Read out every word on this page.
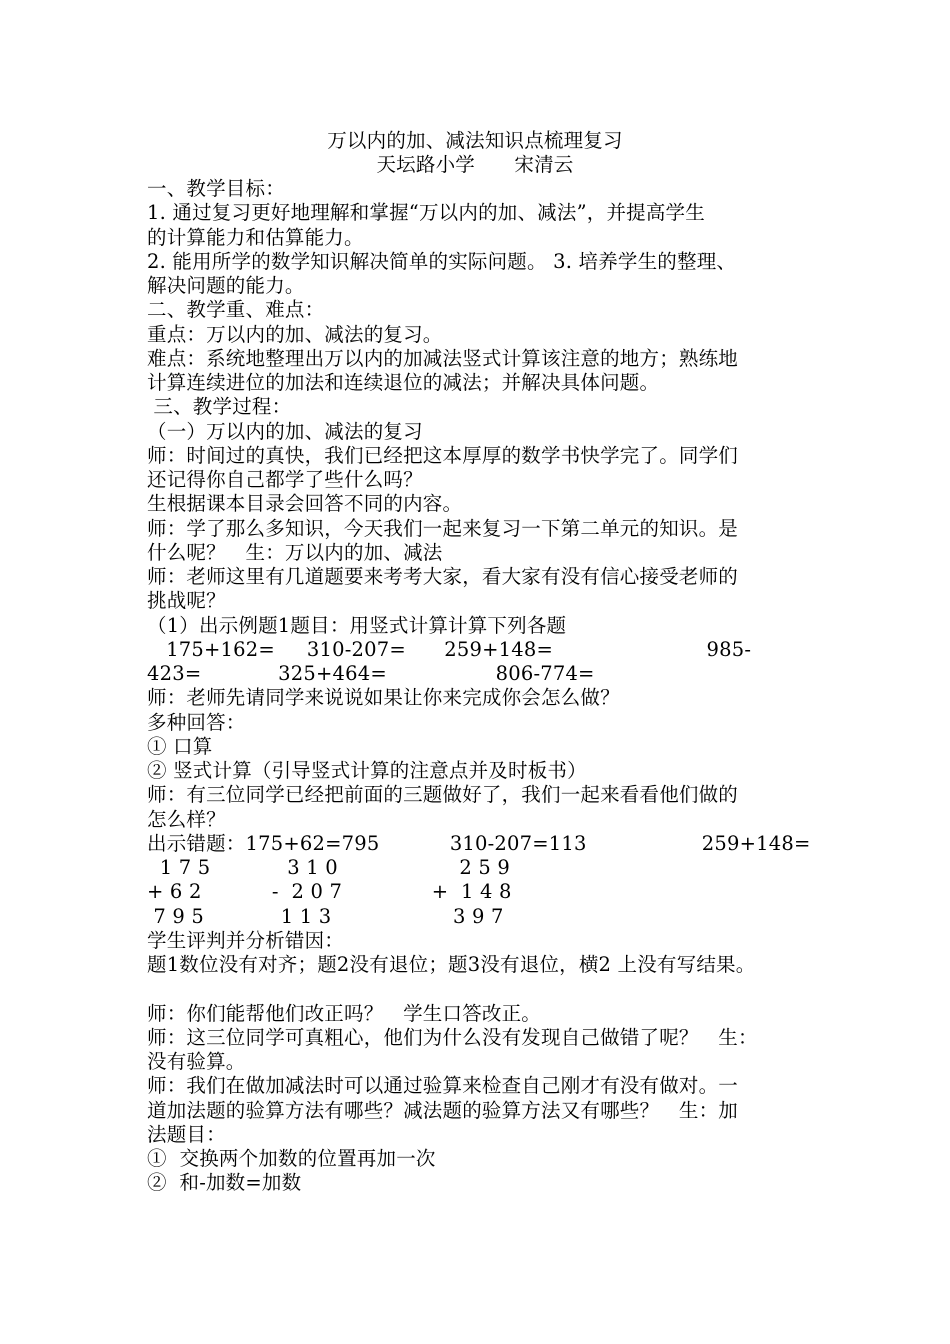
万以内的加、减法知识点梳理复习
天坛路小学　　宋清云
一、教学目标：
1. 通过复习更好地理解和掌握“万以内的加、减法”，并提高学生
的计算能力和估算能力。
2. 能用所学的数学知识解决简单的实际问题。 3. 培养学生的整理、
解决问题的能力。
二、教学重、难点：
重点：万以内的加、减法的复习。
难点：系统地整理出万以内的加减法竖式计算该注意的地方；熟练地
计算连续进位的加法和连续退位的减法；并解决具体问题。
三、教学过程：
（一）万以内的加、减法的复习
师：时间过的真快，我们已经把这本厚厚的数学书快学完了。同学们
还记得你自己都学了些什么吗？
生根据课本目录会回答不同的内容。
师：学了那么多知识，今天我们一起来复习一下第二单元的知识。是
什么呢？　生：万以内的加、减法
师：老师这里有几道题要来考考大家，看大家有没有信心接受老师的
挑战呢？
（1）出示例题1题目：用竖式计算计算下列各题
175+162=     310-207=      259+148=                        985-
423=            325+464=                 806-774=
师：老师先请同学来说说如果让你来完成你会怎么做？
多种回答：
① 口算
② 竖式计算（引导竖式计算的注意点并及时板书）
师：有三位同学已经把前面的三题做好了，我们一起来看看他们做的
怎么样？
出示错题：175+62=795           310-207=113                  259+148=
1 7 5            3 1 0                   2 5 9
+ 6 2           -  2 0 7              +  1 4 8
7 9 5            1 1 3                   3 9 7
学生评判并分析错因：
题1数位没有对齐；题2没有退位；题3没有退位，横2 上没有写结果。
师：你们能帮他们改正吗？　学生口答改正。
师：这三位同学可真粗心，他们为什么没有发现自己做错了呢？　生：
没有验算。
师：我们在做加减法时可以通过验算来检查自己刚才有没有做对。一
道加法题的验算方法有哪些？减法题的验算方法又有哪些？　生：加
法题目：
①  交换两个加数的位置再加一次
②  和-加数=加数
